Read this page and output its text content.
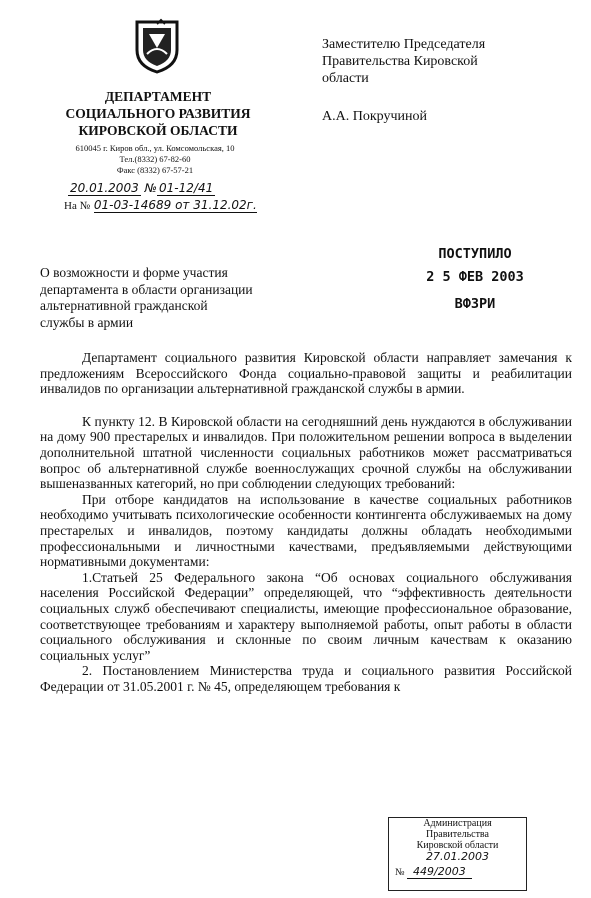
ДЕПАРТАМЕНТ
СОЦИАЛЬНОГО РАЗВИТИЯ
КИРОВСКОЙ ОБЛАСТИ
610045 г. Киров обл., ул. Комсомольская, 10
Тел.(8332) 67-82-60
Факс (8332) 67-57-21
20.01.2003 № 01-12/41
На № 01-03-14689 от 31.12.02г.
Заместителю Председателя
Правительства Кировской
области
А.А. Покручиной
ПОСТУПИЛО
2 5 ФЕВ 2003
ВФЗРИ
О возможности и форме участия
департамента в области организации
альтернативной гражданской
службы в армии

Департамент социального развития Кировской области направляет замечания к предложениям Всероссийского Фонда социально-правовой защиты и реабилитации инвалидов по организации альтернативной гражданской службы в армии.

К пункту 12. В Кировской области на сегодняшний день нуждаются в обслуживании на дому 900 престарелых и инвалидов. При положительном решении вопроса в выделении дополнительной штатной численности социальных работников может рассматриваться вопрос об альтернативной службе военнослужащих срочной службы на обслуживании вышеназванных категорий, но при соблюдении следующих требований:

При отборе кандидатов на использование в качестве социальных работников необходимо учитывать психологические особенности контингента обслуживаемых на дому престарелых и инвалидов, поэтому кандидаты должны обладать необходимыми профессиональными и личностными качествами, предъявляемыми действующими нормативными документами:

1.Статьей 25 Федерального закона “Об основах социального обслуживания населения Российской Федерации” определяющей, что “эффективность деятельности социальных служб обеспечивают специалисты, имеющие профессиональное образование, соответствующее требованиям и характеру выполняемой работы, опыт работы в области социального обслуживания и склонные по своим личным качествам к оказанию социальных услуг”

2. Постановлением Министерства труда и социального развития Российской Федерации от 31.05.2001 г. № 45, определяющем требования к

Администрация
Правительства
Кировской области
27.01.2003
№ 449/2003
